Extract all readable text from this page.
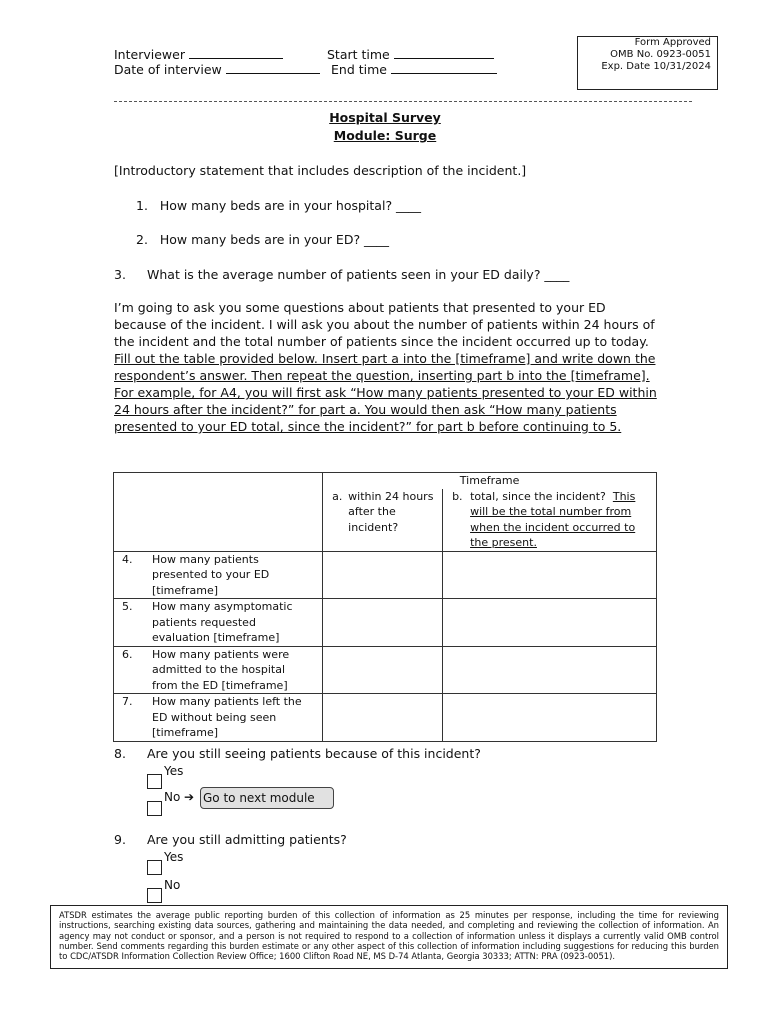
Form Approved
OMB No. 0923-0051
Exp. Date 10/31/2024
Interviewer
Date of interview
Start time
End time
Hospital Survey
Module: Surge
[Introductory statement that includes description of the incident.]
1.   How many beds are in your hospital? ____
2.   How many beds are in your ED? ____
3. What is the average number of patients seen in your ED daily? ____
I’m going to ask you some questions about patients that presented to your ED because of the incident. I will ask you about the number of patients within 24 hours of the incident and the total number of patients since the incident occurred up to today. Fill out the table provided below. Insert part a into the [timeframe] and write down the respondent’s answer. Then repeat the question, inserting part b into the [timeframe]. For example, for A4, you will first ask “How many patients presented to your ED within 24 hours after the incident?” for part a. You would then ask “How many patients presented to your ED total, since the incident?” for part b before continuing to 5.
	Timeframe	

	a. within 24 hours after the incident?	b. total, since the incident? This will be the total number from when the incident occurred to the present.

4. How many patients presented to your ED [timeframe]		
5. How many asymptomatic patients requested evaluation [timeframe]		
6. How many patients were admitted to the hospital from the ED [timeframe]		
7. How many patients left the ED without being seen [timeframe]		
8. Are you still seeing patients because of this incident?
Yes
No ➔ Go to next module
9. Are you still admitting patients?
Yes
No
ATSDR estimates the average public reporting burden of this collection of information as 25 minutes per response, including the time for reviewing instructions, searching existing data sources, gathering and maintaining the data needed, and completing and reviewing the collection of information. An agency may not conduct or sponsor, and a person is not required to respond to a collection of information unless it displays a currently valid OMB control number. Send comments regarding this burden estimate or any other aspect of this collection of information including suggestions for reducing this burden to CDC/ATSDR Information Collection Review Office; 1600 Clifton Road NE, MS D-74 Atlanta, Georgia 30333; ATTN: PRA (0923-0051).
